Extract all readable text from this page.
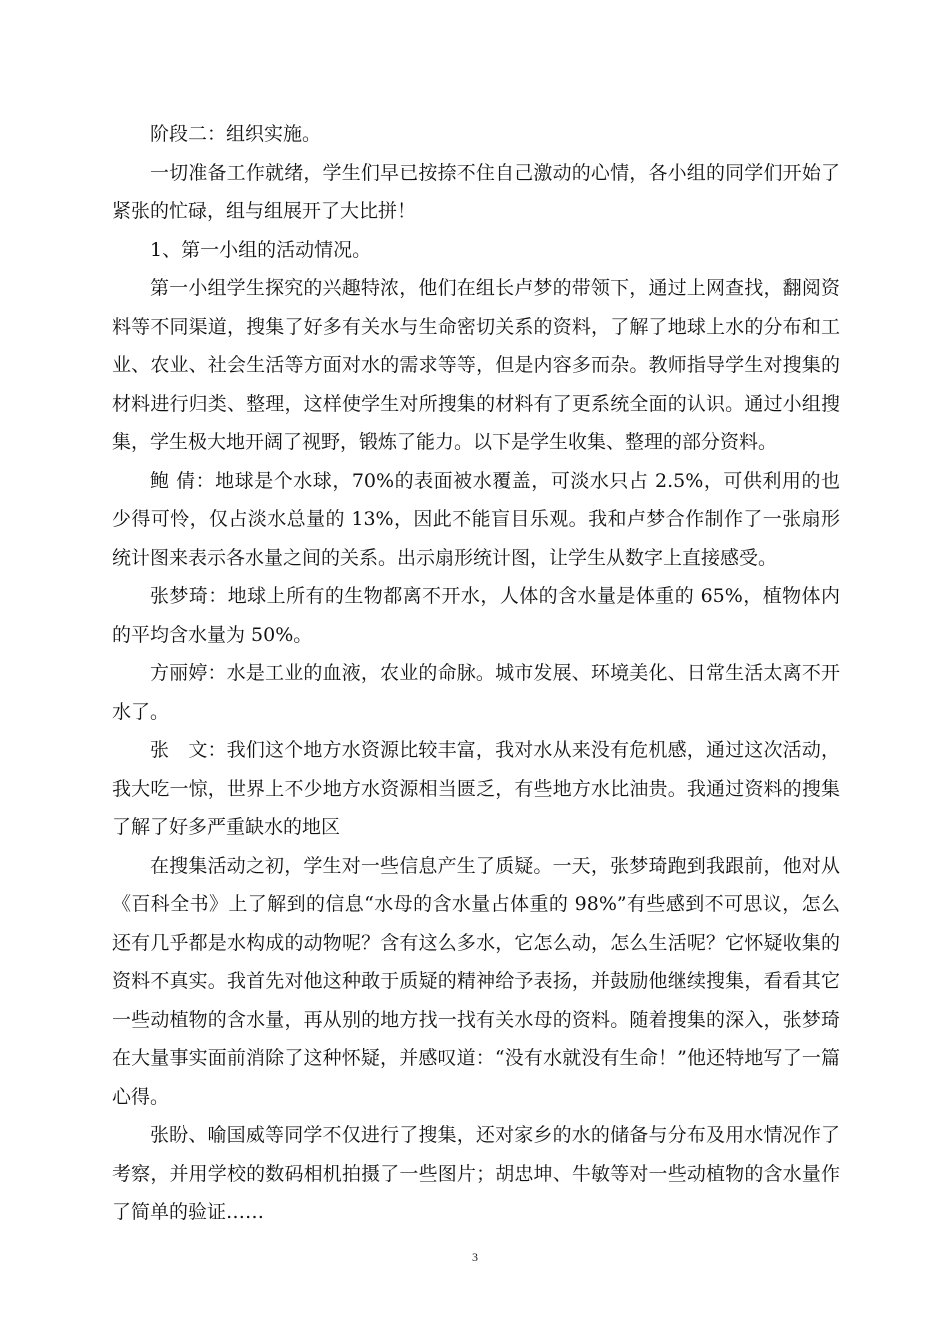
阶段二：组织实施。

一切准备工作就绪，学生们早已按捺不住自己激动的心情，各小组的同学们开始了紧张的忙碌，组与组展开了大比拼！

1、第一小组的活动情况。

第一小组学生探究的兴趣特浓，他们在组长卢梦的带领下，通过上网查找，翻阅资料等不同渠道，搜集了好多有关水与生命密切关系的资料，了解了地球上水的分布和工业、农业、社会生活等方面对水的需求等等，但是内容多而杂。教师指导学生对搜集的材料进行归类、整理，这样使学生对所搜集的材料有了更系统全面的认识。通过小组搜集，学生极大地开阔了视野，锻炼了能力。以下是学生收集、整理的部分资料。

鲍 倩：地球是个水球，70%的表面被水覆盖，可淡水只占 2.5%，可供利用的也少得可怜，仅占淡水总量的 13%，因此不能盲目乐观。我和卢梦合作制作了一张扇形统计图来表示各水量之间的关系。出示扇形统计图，让学生从数字上直接感受。

张梦琦：地球上所有的生物都离不开水，人体的含水量是体重的 65%，植物体内的平均含水量为 50%。

方丽婷：水是工业的血液，农业的命脉。城市发展、环境美化、日常生活太离不开水了。

张　文：我们这个地方水资源比较丰富，我对水从来没有危机感，通过这次活动，我大吃一惊，世界上不少地方水资源相当匮乏，有些地方水比油贵。我通过资料的搜集了解了好多严重缺水的地区

在搜集活动之初，学生对一些信息产生了质疑。一天，张梦琦跑到我跟前，他对从《百科全书》上了解到的信息“水母的含水量占体重的 98%”有些感到不可思议，怎么还有几乎都是水构成的动物呢？含有这么多水，它怎么动，怎么生活呢？它怀疑收集的资料不真实。我首先对他这种敢于质疑的精神给予表扬，并鼓励他继续搜集，看看其它一些动植物的含水量，再从别的地方找一找有关水母的资料。随着搜集的深入，张梦琦在大量事实面前消除了这种怀疑，并感叹道：“没有水就没有生命！”他还特地写了一篇心得。

张盼、喻国威等同学不仅进行了搜集，还对家乡的水的储备与分布及用水情况作了考察，并用学校的数码相机拍摄了一些图片；胡忠坤、牛敏等对一些动植物的含水量作了简单的验证……

3
